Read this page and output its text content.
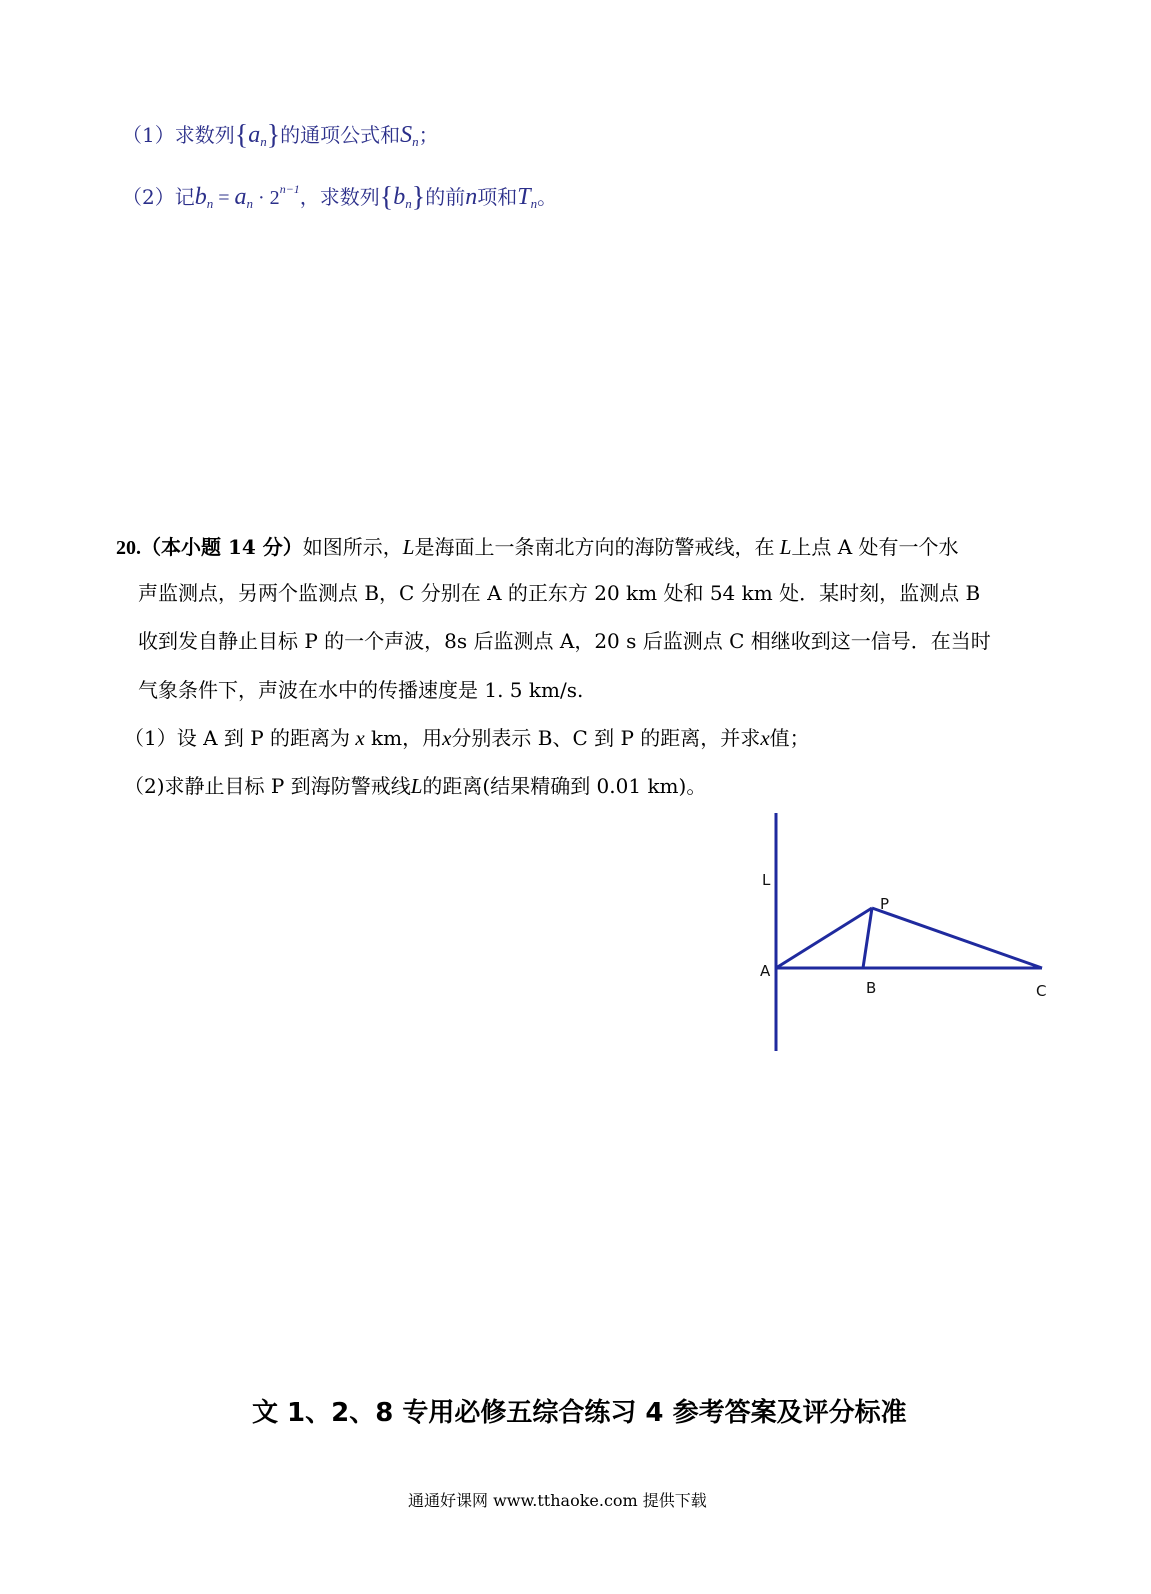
（1）求数列$\{a_n\}$的通项公式和$S_n$；
（2）记$b_n = a_n \cdot 2^{n-1}$，求数列$\{b_n\}$的前n项和$T_n$。
20.（本小题 14 分）如图所示，L是海面上一条南北方向的海防警戒线，在 L上点 A 处有一个水
声监测点，另两个监测点 B，C 分别在 A 的正东方 20 km 处和 54 km 处．某时刻，监测点 B
收到发自静止目标 P 的一个声波，8s 后监测点 A，20 s 后监测点 C 相继收到这一信号．在当时
气象条件下，声波在水中的传播速度是 1. 5 km/s.
（1）设 A 到 P 的距离为 x km，用x分别表示 B、C 到 P 的距离，并求x值；
（2)求静止目标 P 到海防警戒线L的距离(结果精确到 0.01 km)。
L
P
A
B	C
文 1、2、8 专用必修五综合练习 4 参考答案及评分标准
通通好课网 www.tthaoke.com 提供下载
